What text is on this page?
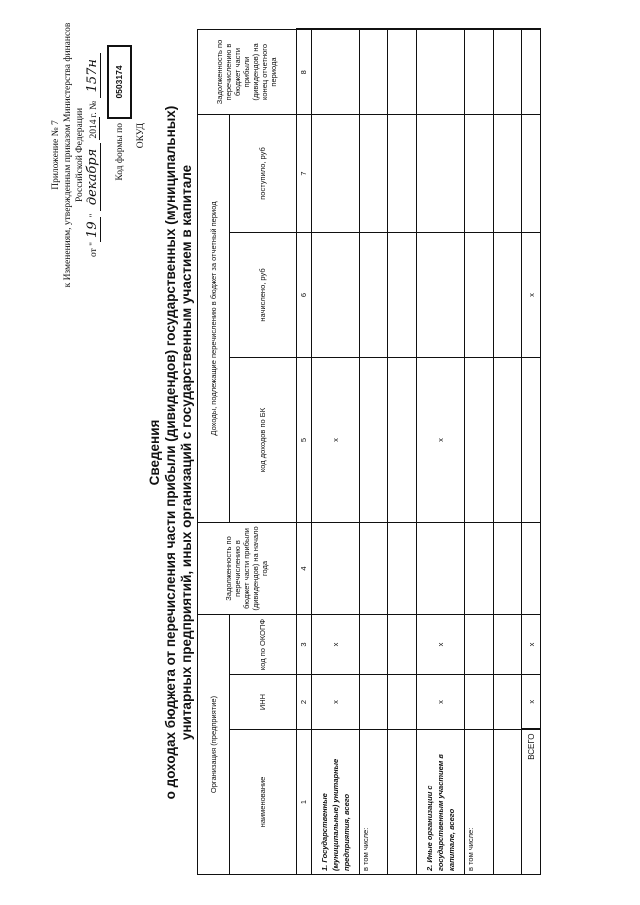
Приложение № 7 к Изменениям, утвержденным приказом Министерства финансов Российской Федерации
от "19" декабря 2014г. № 157н
Код формы по ОКУД
0503174
Сведения о доходах бюджета от перечисления части прибыли (дивидендов) государственных (муниципальных) унитарных предприятий, иных организаций с государственным участием в капитале
Организация (предприятие)			Задолженность по перечислению в бюджет части прибыли (дивидендов) на начало года	Доходы, подлежащие перечислению в бюджет за отчетный период			Задолженность по перечислению в бюджет части прибыли (дивидендов) на конец отчетного периода
наименование	ИНН	код по ОКОПФ		код доходов по БК	начислено, руб	поступило, руб	
1	2	3	4	5	6	7	8
1. Государственные (муниципальные) унитарные предприятия, всего	х	х		х			
в том числе:							

2. Иные организации с государственным участием в капитале, всего	х	х		х			
в том числе:							

ВСЕГО	х	х			х		
